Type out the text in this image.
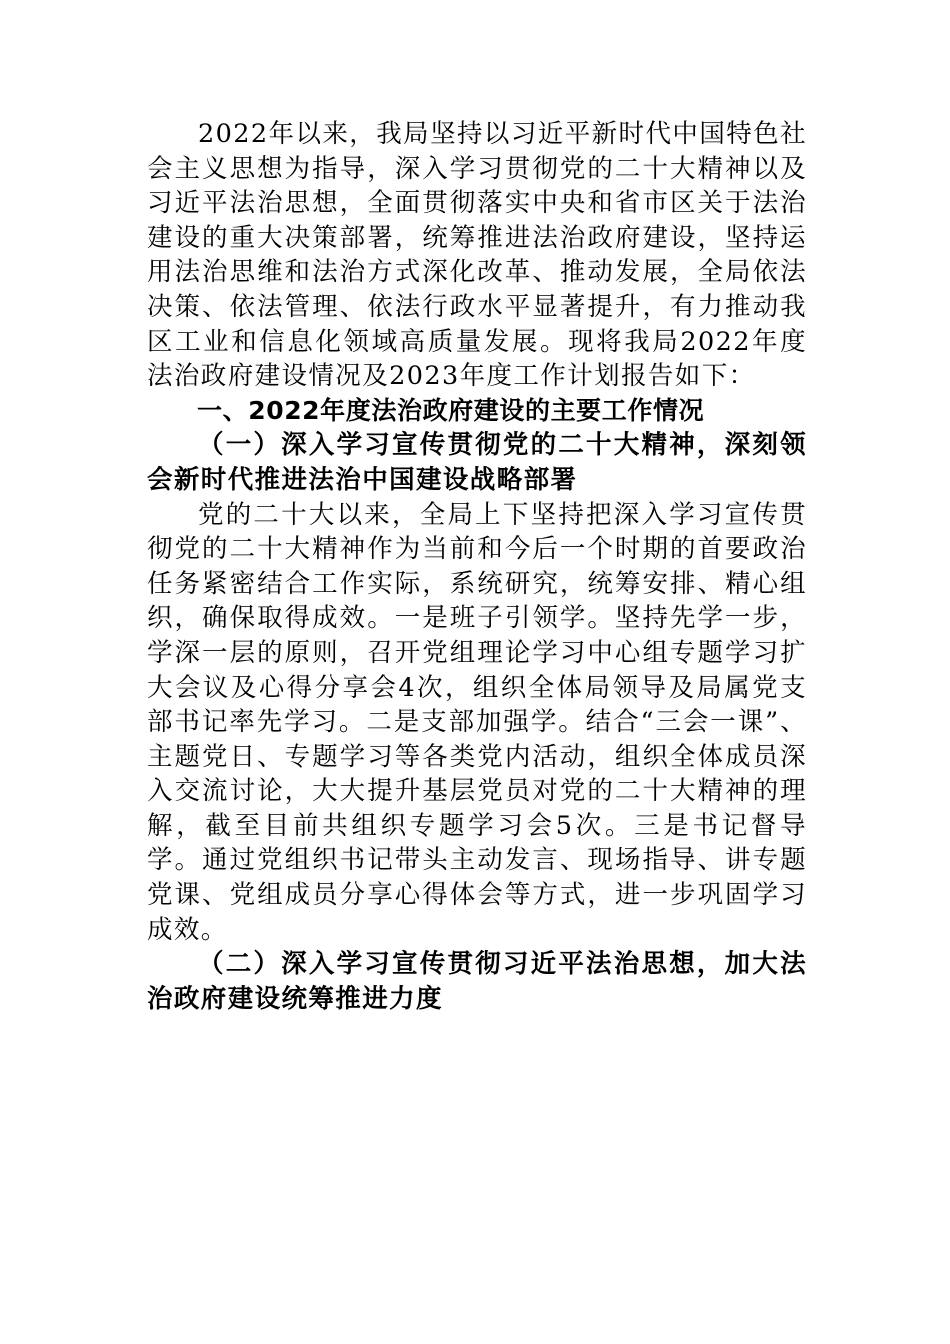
2022年以来，我局坚持以习近平新时代中国特色社会主义思想为指导，深入学习贯彻党的二十大精神以及习近平法治思想，全面贯彻落实中央和省市区关于法治建设的重大决策部署，统筹推进法治政府建设，坚持运用法治思维和法治方式深化改革、推动发展，全局依法决策、依法管理、依法行政水平显著提升，有力推动我区工业和信息化领域高质量发展。现将我局2022年度法治政府建设情况及2023年度工作计划报告如下：

一、2022年度法治政府建设的主要工作情况

（一）深入学习宣传贯彻党的二十大精神，深刻领会新时代推进法治中国建设战略部署

党的二十大以来，全局上下坚持把深入学习宣传贯彻党的二十大精神作为当前和今后一个时期的首要政治任务紧密结合工作实际，系统研究，统筹安排、精心组织，确保取得成效。一是班子引领学。坚持先学一步，学深一层的原则，召开党组理论学习中心组专题学习扩大会议及心得分享会4次，组织全体局领导及局属党支部书记率先学习。二是支部加强学。结合“三会一课”、主题党日、专题学习等各类党内活动，组织全体成员深入交流讨论，大大提升基层党员对党的二十大精神的理解，截至目前共组织专题学习会5次。三是书记督导学。通过党组织书记带头主动发言、现场指导、讲专题党课、党组成员分享心得体会等方式，进一步巩固学习成效。

（二）深入学习宣传贯彻习近平法治思想，加大法治政府建设统筹推进力度
